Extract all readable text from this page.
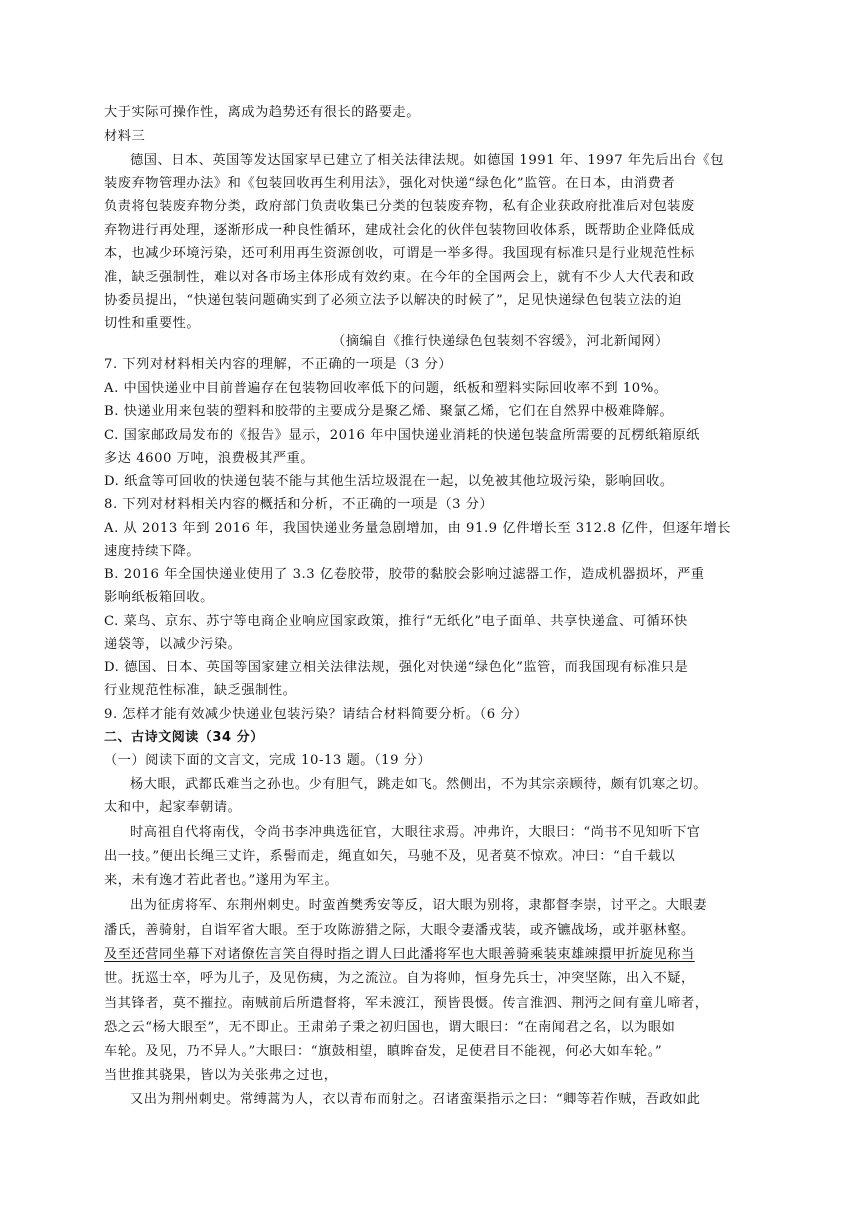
大于实际可操作性，离成为趋势还有很长的路要走。
材料三
德国、日本、英国等发达国家早已建立了相关法律法规。如德国 1991 年、1997 年先后出台《包
装废弃物管理办法》和《包装回收再生利用法》，强化对快递“绿色化”监管。在日本，由消费者
负责将包装废弃物分类，政府部门负责收集已分类的包装废弃物，私有企业获政府批准后对包装废
弃物进行再处理，逐渐形成一种良性循环，建成社会化的伙伴包装物回收体系，既帮助企业降低成
本，也减少环境污染，还可利用再生资源创收，可谓是一举多得。我国现有标准只是行业规范性标
准，缺乏强制性，难以对各市场主体形成有效约束。在今年的全国两会上，就有不少人大代表和政
协委员提出，“快递包装问题确实到了必须立法予以解决的时候了”，足见快递绿色包装立法的迫
切性和重要性。
（摘编自《推行快递绿色包装刻不容缓》，河北新闻网）
7. 下列对材料相关内容的理解，不正确的一项是（3 分）
A. 中国快递业中目前普遍存在包装物回收率低下的问题，纸板和塑料实际回收率不到 10%。
B. 快递业用来包装的塑料和胶带的主要成分是聚乙烯、聚氯乙烯，它们在自然界中极难降解。
C. 国家邮政局发布的《报告》显示，2016 年中国快递业消耗的快递包装盒所需要的瓦楞纸箱原纸
多达 4600 万吨，浪费极其严重。
D. 纸盒等可回收的快递包装不能与其他生活垃圾混在一起，以免被其他垃圾污染，影响回收。
8. 下列对材料相关内容的概括和分析，不正确的一项是（3 分）
A. 从 2013 年到 2016 年，我国快递业务量急剧增加，由 91.9 亿件增长至 312.8 亿件，但逐年增长
速度持续下降。
B. 2016 年全国快递业使用了 3.3 亿卷胶带，胶带的黏胶会影响过滤器工作，造成机器损坏，严重
影响纸板箱回收。
C. 菜鸟、京东、苏宁等电商企业响应国家政策，推行“无纸化”电子面单、共享快递盒、可循环快
递袋等，以减少污染。
D. 德国、日本、英国等国家建立相关法律法规，强化对快递“绿色化”监管，而我国现有标准只是
行业规范性标准，缺乏强制性。
9. 怎样才能有效减少快递业包装污染？请结合材料简要分析。（6 分）
二、古诗文阅读（34 分）
（一）阅读下面的文言文，完成 10-13 题。（19 分）
杨大眼，武都氐难当之孙也。少有胆气，跳走如飞。然侧出，不为其宗亲顾待，颇有饥寒之切。
太和中，起家奉朝请。
时高祖自代将南伐，令尚书李冲典选征官，大眼往求焉。冲弗许，大眼曰：“尚书不见知听下官
出一技。”便出长绳三丈许，系髻而走，绳直如矢，马驰不及，见者莫不惊欢。冲曰：“自千载以
来，未有逸才若此者也。”遂用为军主。
出为征虏将军、东荆州刺史。时蛮酋樊秀安等反，诏大眼为别将，隶都督李崇，讨平之。大眼妻
潘氏，善骑射，自诣军省大眼。至于攻陈游猎之际，大眼令妻潘戎装，或齐镳战场，或并驱林壑。
及至还营同坐幕下对诸僚佐言笑自得时指之谓人曰此潘将军也大眼善骑乘装束雄竦擐甲折旋见称当
世。抚巡士卒，呼为儿子，及见伤痍，为之流泣。自为将帅，恒身先兵士，冲突坚陈，出入不疑，
当其锋者，莫不摧拉。南贼前后所遣督将，军未渡江，预皆畏慑。传言淮泗、荆沔之间有童儿啼者，
恐之云“杨大眼至”，无不即止。王肃弟子秉之初归国也，谓大眼曰：“在南闻君之名，以为眼如
车轮。及见，乃不异人。”大眼曰：“旗鼓相望，瞋眸奋发，足使君目不能视，何必大如车轮。”
当世推其骁果，皆以为关张弗之过也，
又出为荆州刺史。常缚蒿为人，衣以青布而射之。召诸蛮渠指示之曰：“卿等若作贼，吾政如此
